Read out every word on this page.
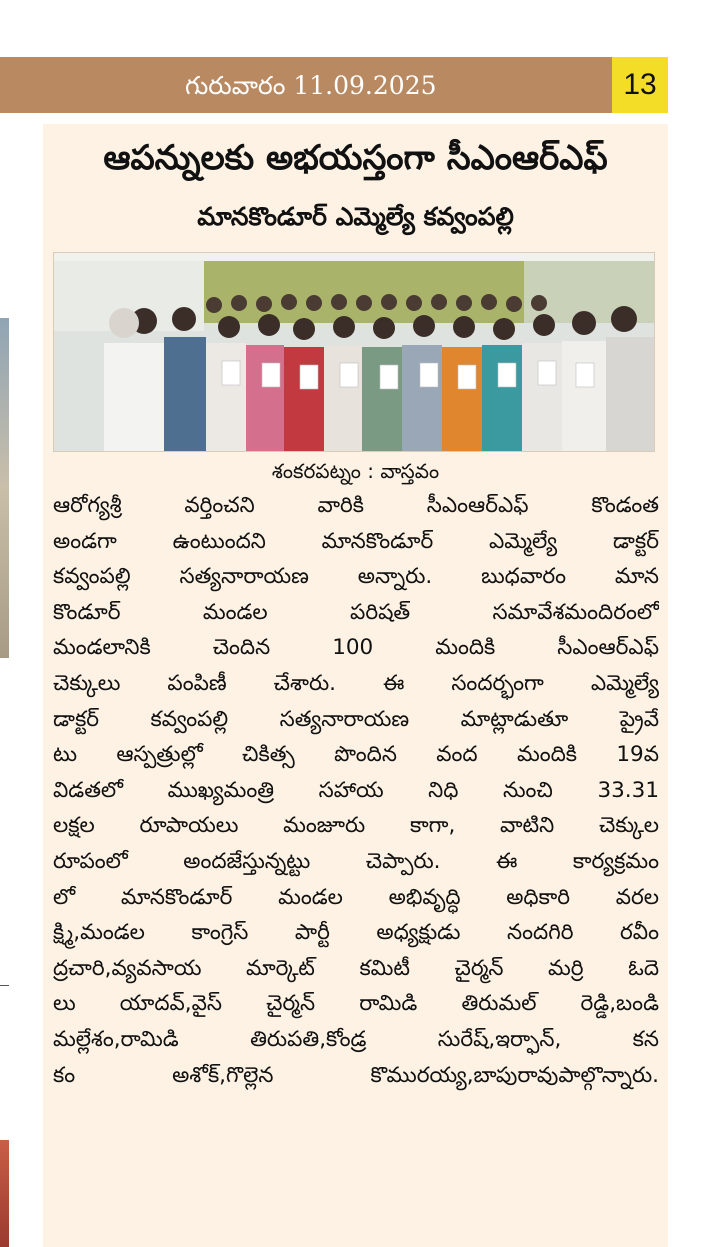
గురువారం 11.09.2025	13
ఆపన్నులకు అభయస్తంగా సీఎంఆర్ఎఫ్
మానకొండూర్ ఎమ్మెల్యే కవ్వంపల్లి
శంకరపట్నం : వాస్తవం
ఆరోగ్యశ్రీ వర్తించని వారికి సీఎంఆర్ఎఫ్ కొండంత
అండగా ఉంటుందని మానకొండూర్ ఎమ్మెల్యే డాక్టర్
కవ్వంపల్లి సత్యనారాయణ అన్నారు. బుధవారం మాన
కొండూర్ మండల పరిషత్ సమావేశమందిరంలో
మండలానికి చెందిన 100 మందికి సీఎంఆర్ఎఫ్
చెక్కులు పంపిణీ చేశారు. ఈ సందర్భంగా ఎమ్మెల్యే
డాక్టర్ కవ్వంపల్లి సత్యనారాయణ మాట్లాడుతూ ప్రైవే
టు ఆస్పత్రుల్లో చికిత్స పొందిన వంద మందికి 19వ
విడతలో ముఖ్యమంత్రి సహాయ నిధి నుంచి 33.31
లక్షల రూపాయలు మంజూరు కాగా, వాటిని చెక్కుల
రూపంలో అందజేస్తున్నట్టు చెప్పారు. ఈ కార్యక్రమం
లో మానకొండూర్ మండల అభివృద్ధి అధికారి వరల
క్ష్మి,మండల కాంగ్రెస్ పార్టీ అధ్యక్షుడు నందగిరి రవీం
ద్రచారి,వ్యవసాయ మార్కెట్ కమిటీ చైర్మన్ మర్రి ఓదె
లు యాదవ్,వైస్ చైర్మన్ రామిడి తిరుమల్ రెడ్డి,బండి
మల్లేశం,రామిడి తిరుపతి,కోండ్ర సురేష్,ఇర్ఫాన్, కన
కం అశోక్,గొల్లెన కొమురయ్య,బాపురావుపాల్గొన్నారు.
